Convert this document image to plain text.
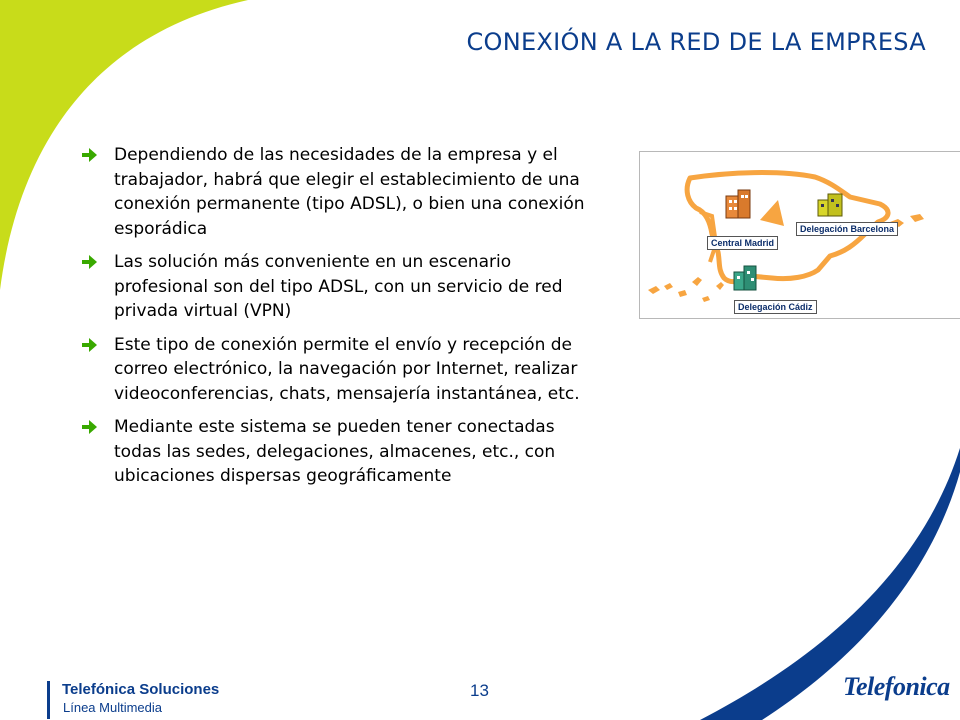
CONEXIÓN A LA RED DE LA EMPRESA
Dependiendo de las necesidades de la empresa y el trabajador, habrá que elegir el establecimiento de una conexión permanente (tipo ADSL), o bien una conexión esporádica
Las solución más conveniente en un escenario profesional son del tipo ADSL, con un servicio de red privada virtual (VPN)
Este tipo de conexión permite el envío y recepción de correo electrónico, la navegación por Internet, realizar videoconferencias, chats, mensajería instantánea, etc.
Mediante este sistema se pueden tener conectadas todas las sedes, delegaciones, almacenes, etc., con ubicaciones dispersas geográficamente
Central Madrid
Delegación Barcelona
Delegación Cádiz
Telefónica Soluciones
Línea Multimedia
13	Telefonica
